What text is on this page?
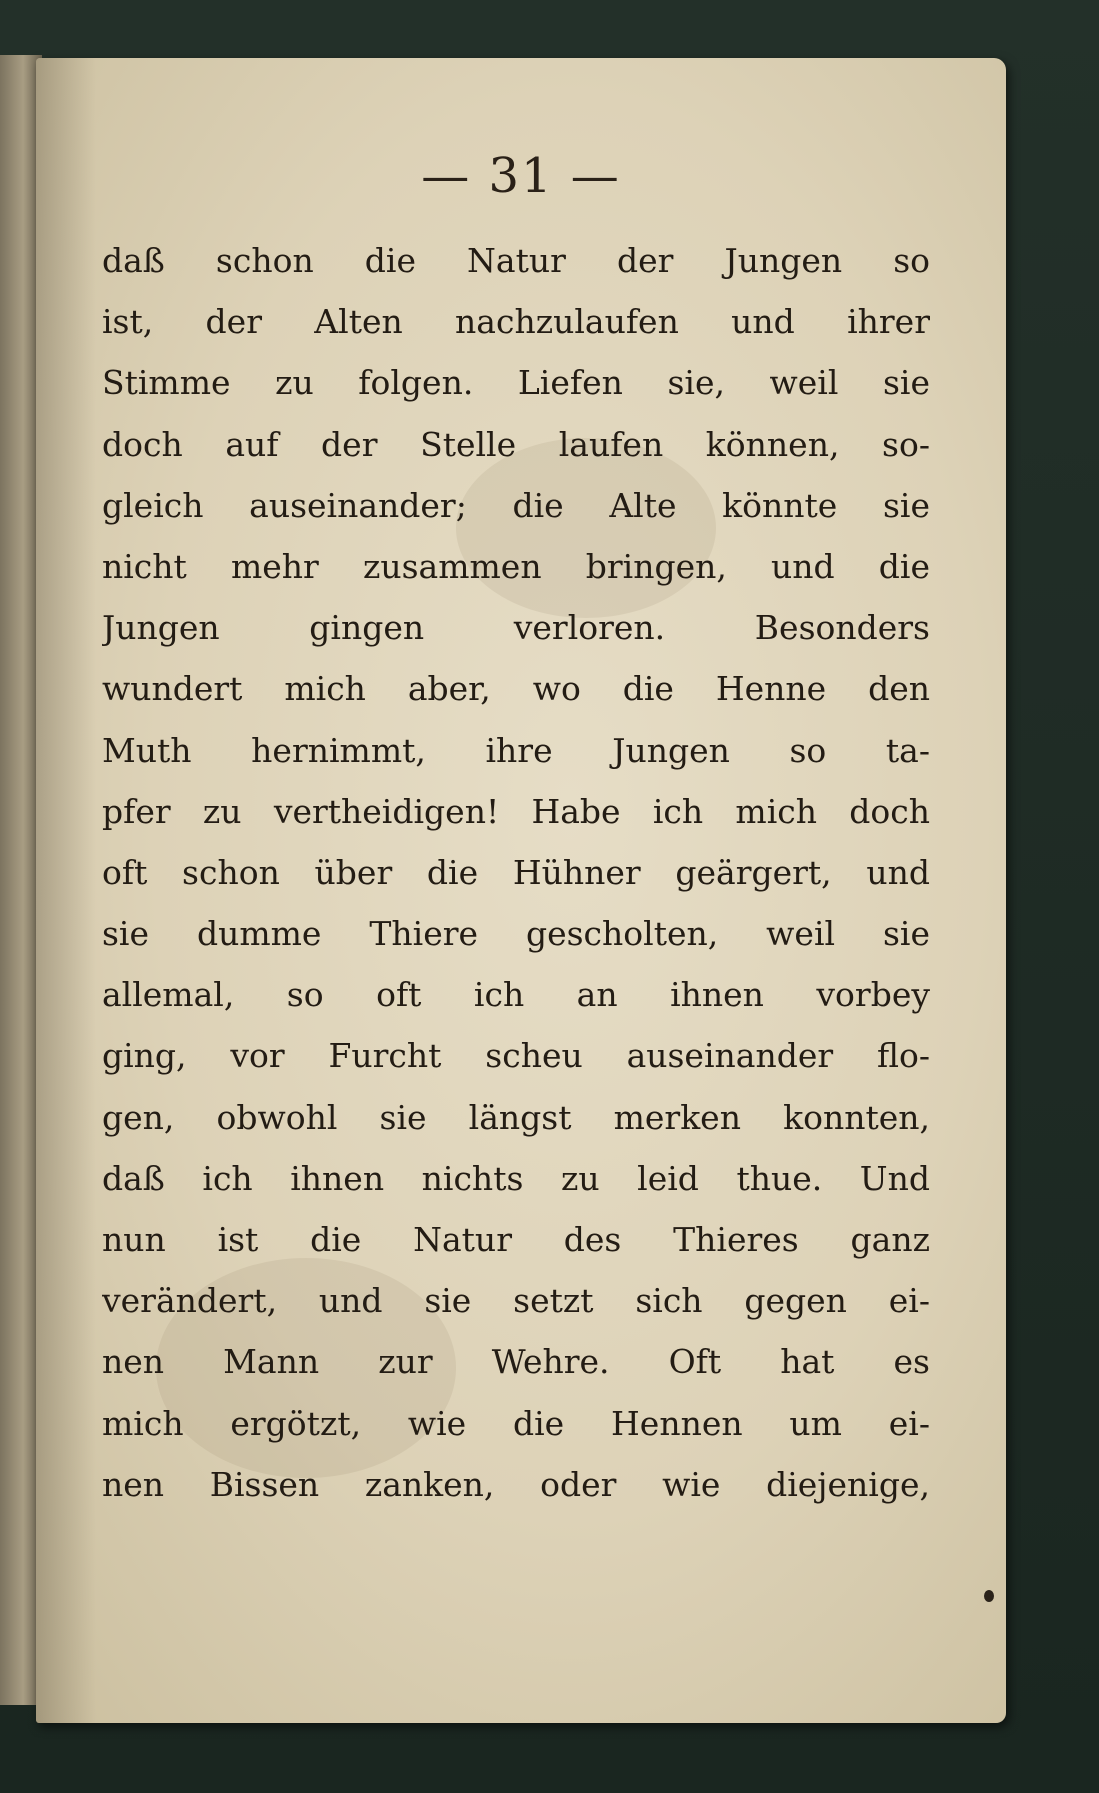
— 31 —
daß schon die Natur der Jungen so
ist, der Alten nachzulaufen und ihrer
Stimme zu folgen. Liefen sie, weil sie
doch auf der Stelle laufen können, so-
gleich auseinander; die Alte könnte sie
nicht mehr zusammen bringen, und die
Jungen gingen verloren. Besonders
wundert mich aber, wo die Henne den
Muth hernimmt, ihre Jungen so ta-
pfer zu vertheidigen! Habe ich mich doch
oft schon über die Hühner geärgert, und
sie dumme Thiere gescholten, weil sie
allemal, so oft ich an ihnen vorbey
ging, vor Furcht scheu auseinander flo-
gen, obwohl sie längst merken konnten,
daß ich ihnen nichts zu leid thue. Und
nun ist die Natur des Thieres ganz
verändert, und sie setzt sich gegen ei-
nen Mann zur Wehre. Oft hat es
mich ergötzt, wie die Hennen um ei-
nen Bissen zanken, oder wie diejenige,
